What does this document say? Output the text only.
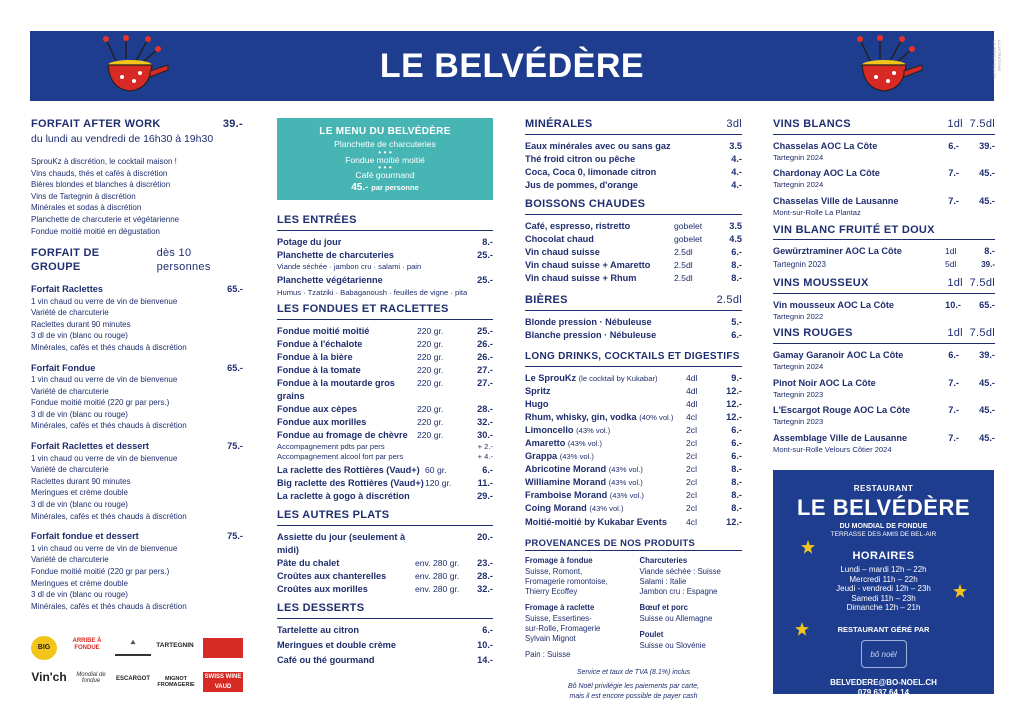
LE BELVÉDÈRE	ILLUSTRATIONS LAURENCE GALLEY
FORFAIT AFTER WORK	39.-
du lundi au vendredi de 16h30 à 19h30
SprouKz à discrétion, le cocktail maison !
Vins chauds, thés et cafés à discrétion
Bières blondes et blanches à discrétion
Vins de Tartegnin à discrétion
Minérales et sodas à discrétion
Planchette de charcuterie et végétarienne
Fondue moitié moitié en dégustation
FORFAIT DE GROUPE
dès 10 personnes
Forfait Raclettes	65.-
1 vin chaud ou verre de vin de bienvenue
Variété de charcuterie
Raclettes durant 90 minutes
3 dl de vin (blanc ou rouge)
Minérales, cafés et thés chauds à discrétion
Forfait Fondue	65.-
1 vin chaud ou verre de vin de bienvenue
Variété de charcuterie
Fondue moitié moitié (220 gr par pers.)
3 dl de vin (blanc ou rouge)
Minérales, cafés et thés chauds à discrétion
Forfait Raclettes et dessert	75.-
1 vin chaud ou verre de vin de bienvenue
Variété de charcuterie
Raclettes durant 90 minutes
Meringues et crème double
3 dl de vin (blanc ou rouge)
Minérales, cafés et thés chauds à discrétion
Forfait fondue et dessert	75.-
1 vin chaud ou verre de vin de bienvenue
Variété de charcuterie
Fondue moitié moitié (220 gr par pers.)
Meringues et crème double
3 dl de vin (blanc ou rouge)
Minérales, cafés et thés chauds à discrétion
BIG
ARRIBE À FONDUE
⛰	TARTEGNIN
Vin'ch	Mondial de fondue	ESCARGOT	MIGNOT FROMAGERIE
SWISS WINE VAUD
LE MENU DU BELVÉDÈRE
Planchette de charcuteries
• • •
Fondue moitié moitié
• • •
Café gourmand
45.- par personne
LES ENTRÉES
Potage du jour	8.-
Planchette de charcuteries	25.-
Viande séchée · jambon cru · salami · pain
Planchette végétarienne	25.-
Humus · Tzatziki · Babaganoush · feuilles de vigne · pita
LES FONDUES ET RACLETTES
Fondue moitié moitié	220 gr.	25.-
Fondue à l'échalote	220 gr.	26.-
Fondue à la bière	220 gr.	26.-
Fondue à la tomate	220 gr.	27.-
Fondue à la moutarde gros grains
220 gr.	27.-
Fondue aux cèpes	220 gr.	28.-
Fondue aux morilles	220 gr.	32.-
Fondue au fromage de chèvre	220 gr.	30.-
Accompagnement pdts par pers	+ 2.-
Accompagnement alcool fort par pers	+ 4.-
La raclette des Rottières (Vaud+) 60 gr.	6.-
Big raclette des Rottières (Vaud+) 120 gr.	11.-
La raclette à gogo à discrétion	29.-
LES AUTRES PLATS
Assiette du jour (seulement à midi)
20.-
Pâte du chalet	env. 280 gr.	23.-
Croûtes aux chanterelles	env. 280 gr.	28.-
Croûtes aux morilles	env. 280 gr.	32.-
LES DESSERTS
Tartelette au citron	6.-
Meringues et double crème	10.-
Café ou thé gourmand	14.-
MINÉRALES	3dl
Eaux minérales avec ou sans gaz	3.5
Thé froid citron ou pêche	4.-
Coca, Coca 0, limonade citron	4.-
Jus de pommes, d'orange	4.-
BOISSONS CHAUDES
Café, espresso, ristretto	gobelet	3.5
Chocolat chaud	gobelet	4.5
Vin chaud suisse	2.5dl	6.-
Vin chaud suisse + Amaretto	2.5dl	8.-
Vin chaud suisse + Rhum	2.5dl	8.-
BIÈRES	2.5dl
Blonde pression · Nébuleuse	5.-
Blanche pression · Nébuleuse	6.-
LONG DRINKS, COCKTAILS ET DIGESTIFS
Le SprouKz (le cocktail by Kukabar)	4dl	9.-
Spritz	4dl	12.-
Hugo	4dl	12.-
Rhum, whisky, gin, vodka (40% vol.)	4cl	12.-
Limoncello (43% vol.)	2cl	6.-
Amaretto (43% vol.)	2cl	6.-
Grappa (43% vol.)	2cl	6.-
Abricotine Morand (43% vol.)	2cl	8.-
Williamine Morand (43% vol.)	2cl	8.-
Framboise Morand (43% vol.)	2cl	8.-
Coing Morand (43% vol.)	2cl	8.-
Moitié-moitié by Kukabar Events	4cl	12.-
PROVENANCES DE NOS PRODUITS
Fromage à fondue
Suisse, Romont,
Fromagerie romontoise,
Thierry Ecoffey
Fromage à raclette
Suisse, Essertines-
sur-Rolle, Fromagerie
Sylvain Mignot
Pain : Suisse
Charcuteries
Viande séchée : Suisse
Salami : Italie
Jambon cru : Espagne
Bœuf et porc
Suisse ou Allemagne
Poulet
Suisse ou Slovénie
Service et taux de TVA (8.1%) inclus
Bô Noël privilégie les paiements par carte,
mais il est encore possible de payer cash
VINS BLANCS	1dl 7.5dl
Chasselas AOC La Côte	6.-	39.-
Tartegnin 2024
Chardonay AOC La Côte	7.-	45.-
Tartegnin 2024
Chasselas Ville de Lausanne	7.-	45.-
Mont-sur-Rolle La Plantaz
VIN BLANC FRUITÉ ET DOUX
Gewürztraminer AOC La Côte	1dl	8.-
Tartegnin 2023	5dl	39.-
VINS MOUSSEUX	1dl 7.5dl
Vin mousseux AOC La Côte	10.-	65.-
Tartegnin 2022
VINS ROUGES	1dl 7.5dl
Gamay Garanoir AOC La Côte	6.-	39.-
Tartegnin 2024
Pinot Noir AOC La Côte	7.-	45.-
Tartegnin 2023
L'Escargot Rouge AOC La Côte	7.-	45.-
Tartegnin 2023
Assemblage Ville de Lausanne	7.-	45.-
Mont-sur-Rolle Velours Côtier 2024
RESTAURANT
LE BELVÉDÈRE
DU MONDIAL DE FONDUE
TERRASSE DES AMIS DE BEL-AIR
HORAIRES
Lundi – mardi 12h – 22h
Mercredi 11h – 22h
Jeudi - vendredi 12h – 23h
Samedi 11h – 23h
Dimanche 12h – 21h
RESTAURANT GÉRÉ PAR
bô noël
BELVEDERE@BO-NOEL.CH
079 637 64 14
